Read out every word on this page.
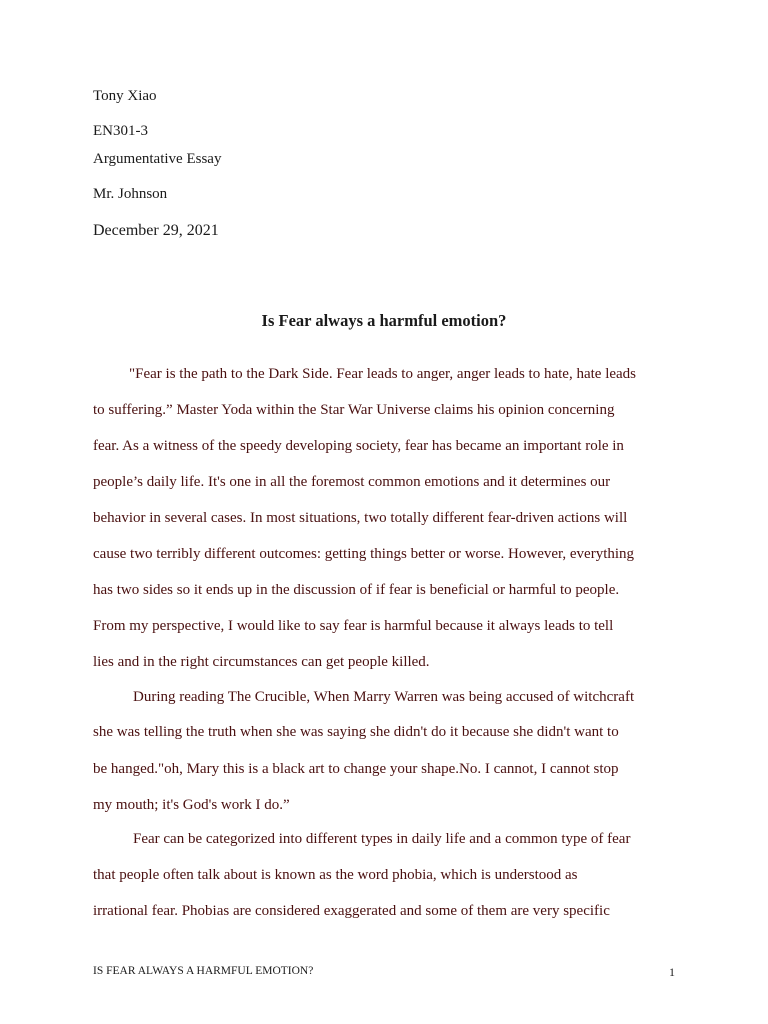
Tony Xiao
EN301-3
Argumentative Essay
Mr. Johnson
December 29, 2021
Is Fear always a harmful emotion?
"Fear is the path to the Dark Side. Fear leads to anger, anger leads to hate, hate leads
to suffering.” Master Yoda within the Star War Universe claims his opinion concerning
fear. As a witness of the speedy developing society, fear has became an important role in
people’s daily life. It's one in all the foremost common emotions and it determines our
behavior in several cases. In most situations, two totally different fear-driven actions will
cause two terribly different outcomes: getting things better or worse. However, everything
has two sides so it ends up in the discussion of if fear is beneficial or harmful to people.
From my perspective, I would like to say fear is harmful because it always leads to tell
lies and in the right circumstances can get people killed.
During reading The Crucible, When Marry Warren was being accused of witchcraft
she was telling the truth when she was saying she didn't do it because she didn't want to
be hanged."oh, Mary this is a black art to change your shape.No. I cannot, I cannot stop
my mouth; it's God's work I do.”
Fear can be categorized into different types in daily life and a common type of fear
that people often talk about is known as the word phobia, which is understood as
irrational fear. Phobias are considered exaggerated and some of them are very specific
IS FEAR ALWAYS A HARMFUL EMOTION?	1
